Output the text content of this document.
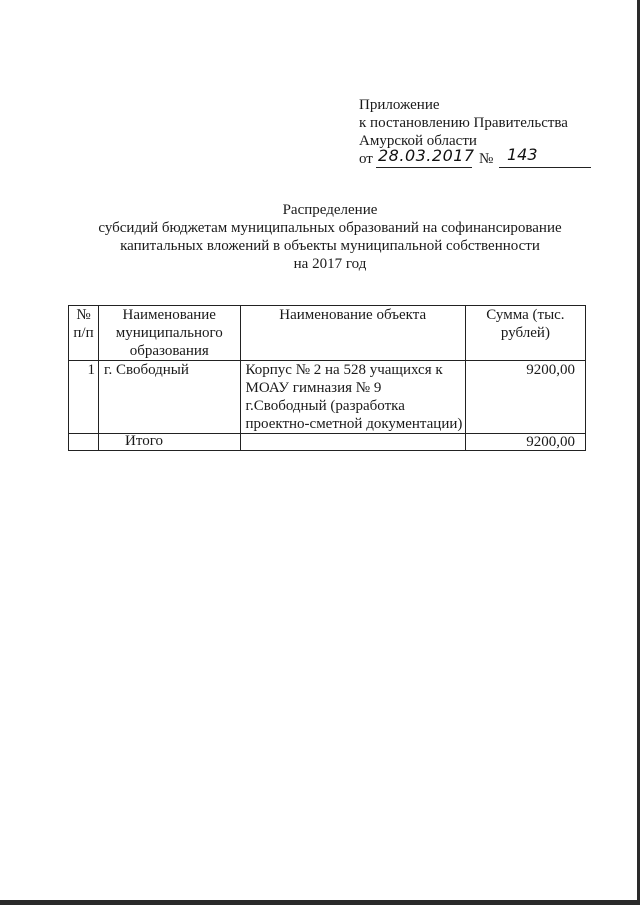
Приложение
к постановлению Правительства
Амурской области
от 28.03.2017 № 143
Распределение
субсидий бюджетам муниципальных образований на софинансирование
капитальных вложений в объекты муниципальной собственности
на 2017 год
№ п/п	Наименование муниципального образования	Наименование объекта	Сумма (тыс. рублей)
1	г. Свободный	Корпус № 2 на 528 учащихся к МОАУ гимназия № 9 г.Свободный (разработка проектно-сметной документации)	9200,00
	Итого		9200,00
